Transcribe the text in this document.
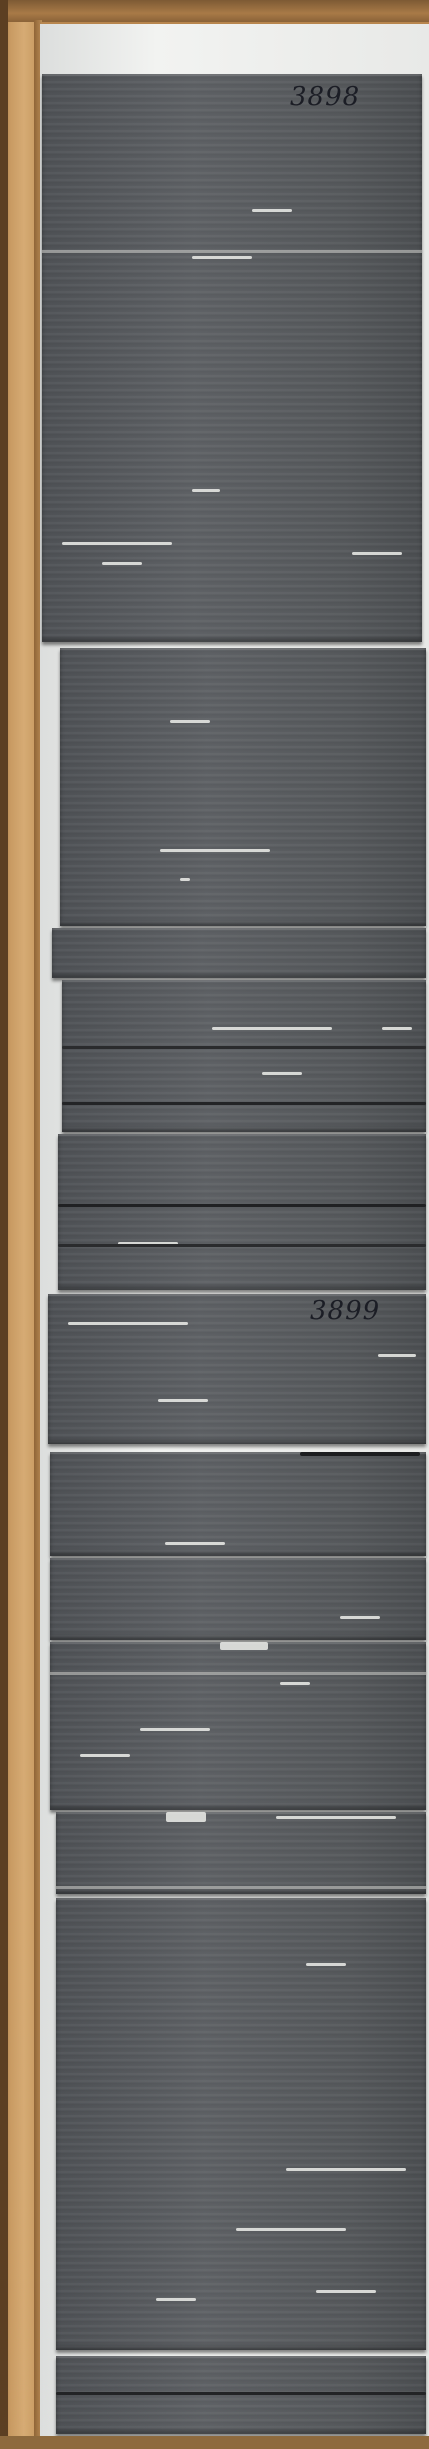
3898
3899
